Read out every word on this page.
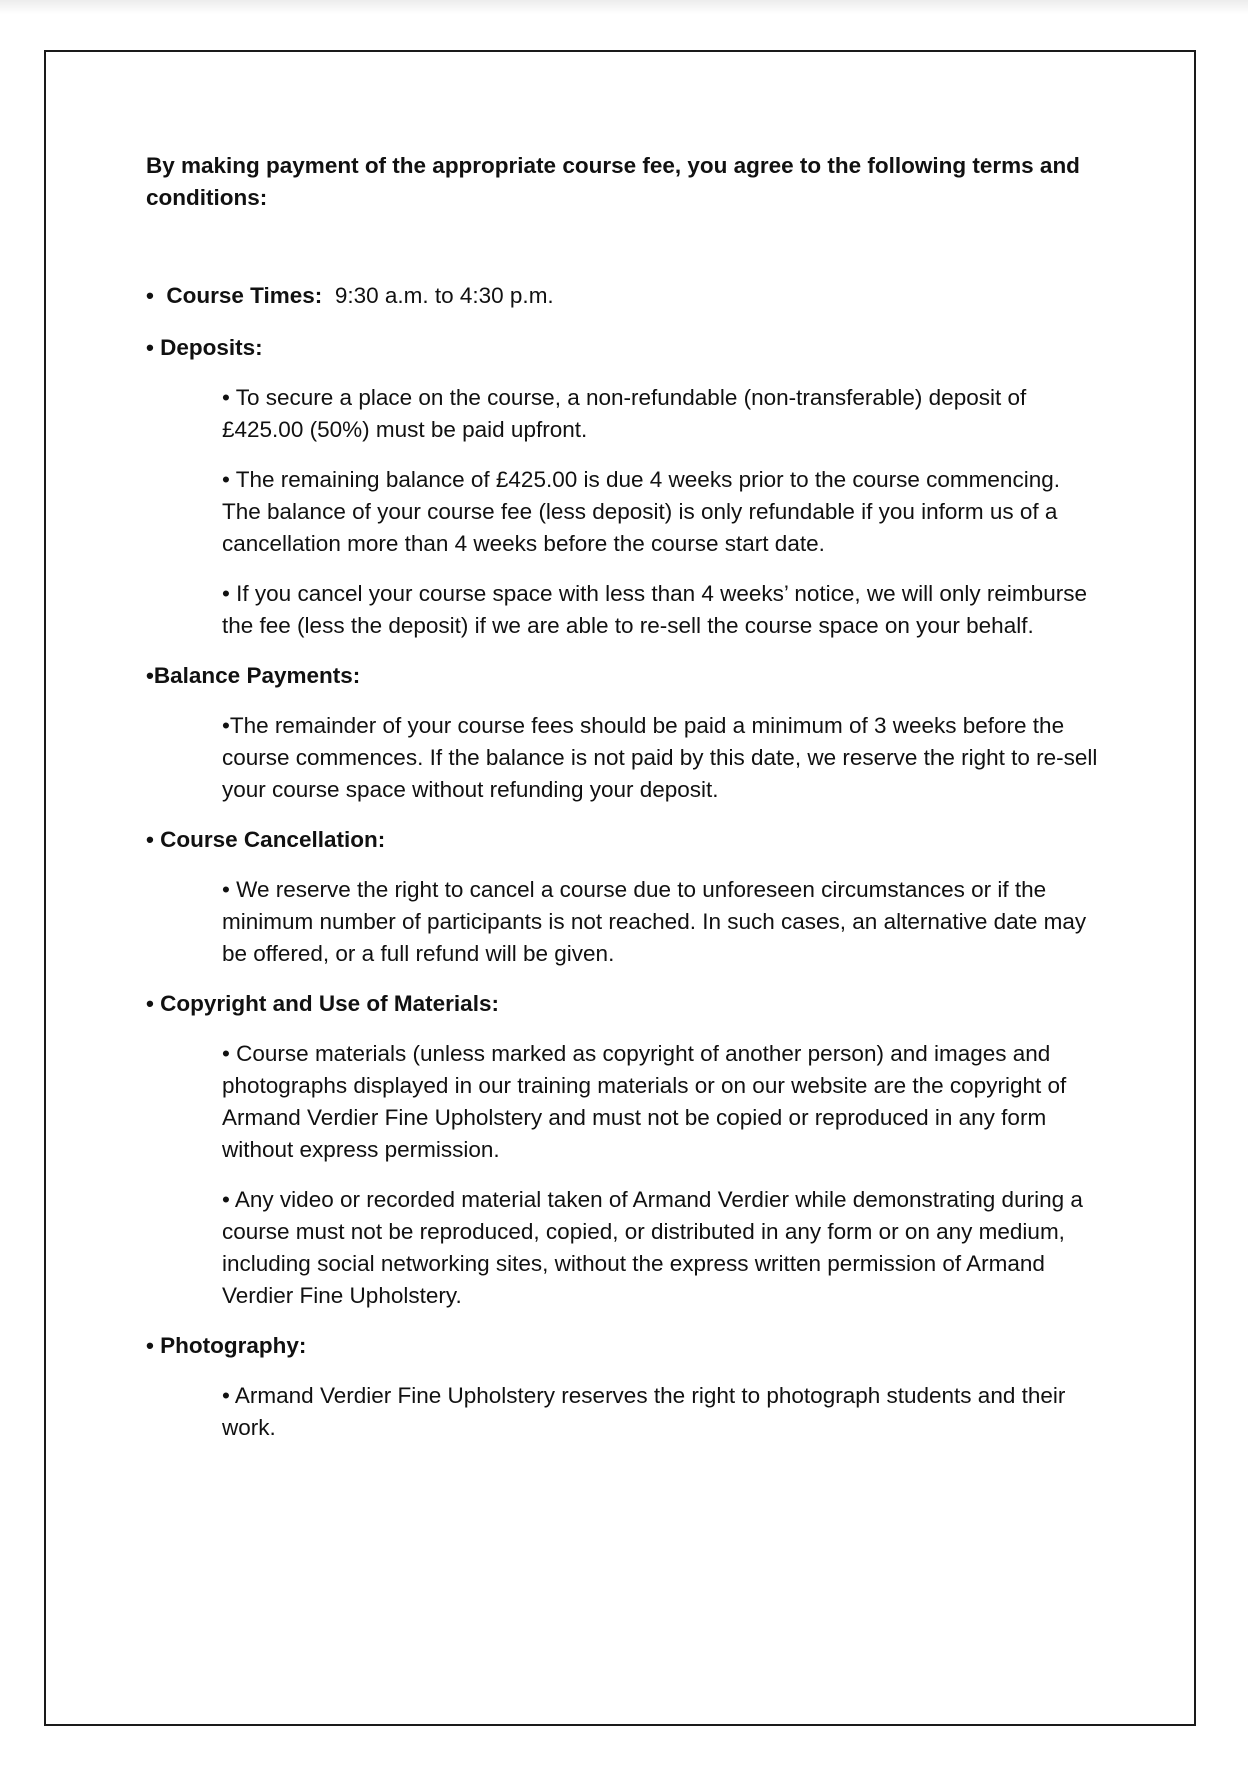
By making payment of the appropriate course fee, you agree to the following terms and conditions:

• Course Times: 9:30 a.m. to 4:30 p.m.

• Deposits:

• To secure a place on the course, a non-refundable (non-transferable) deposit of £425.00 (50%) must be paid upfront.

• The remaining balance of £425.00 is due 4 weeks prior to the course commencing. The balance of your course fee (less deposit) is only refundable if you inform us of a cancellation more than 4 weeks before the course start date.

• If you cancel your course space with less than 4 weeks’ notice, we will only reimburse the fee (less the deposit) if we are able to re-sell the course space on your behalf.

•Balance Payments:

•The remainder of your course fees should be paid a minimum of 3 weeks before the course commences. If the balance is not paid by this date, we reserve the right to re-sell your course space without refunding your deposit.

• Course Cancellation:

• We reserve the right to cancel a course due to unforeseen circumstances or if the minimum number of participants is not reached. In such cases, an alternative date may be offered, or a full refund will be given.

• Copyright and Use of Materials:

• Course materials (unless marked as copyright of another person) and images and photographs displayed in our training materials or on our website are the copyright of Armand Verdier Fine Upholstery and must not be copied or reproduced in any form without express permission.

• Any video or recorded material taken of Armand Verdier while demonstrating during a course must not be reproduced, copied, or distributed in any form or on any medium, including social networking sites, without the express written permission of Armand Verdier Fine Upholstery.

• Photography:

• Armand Verdier Fine Upholstery reserves the right to photograph students and their work.
